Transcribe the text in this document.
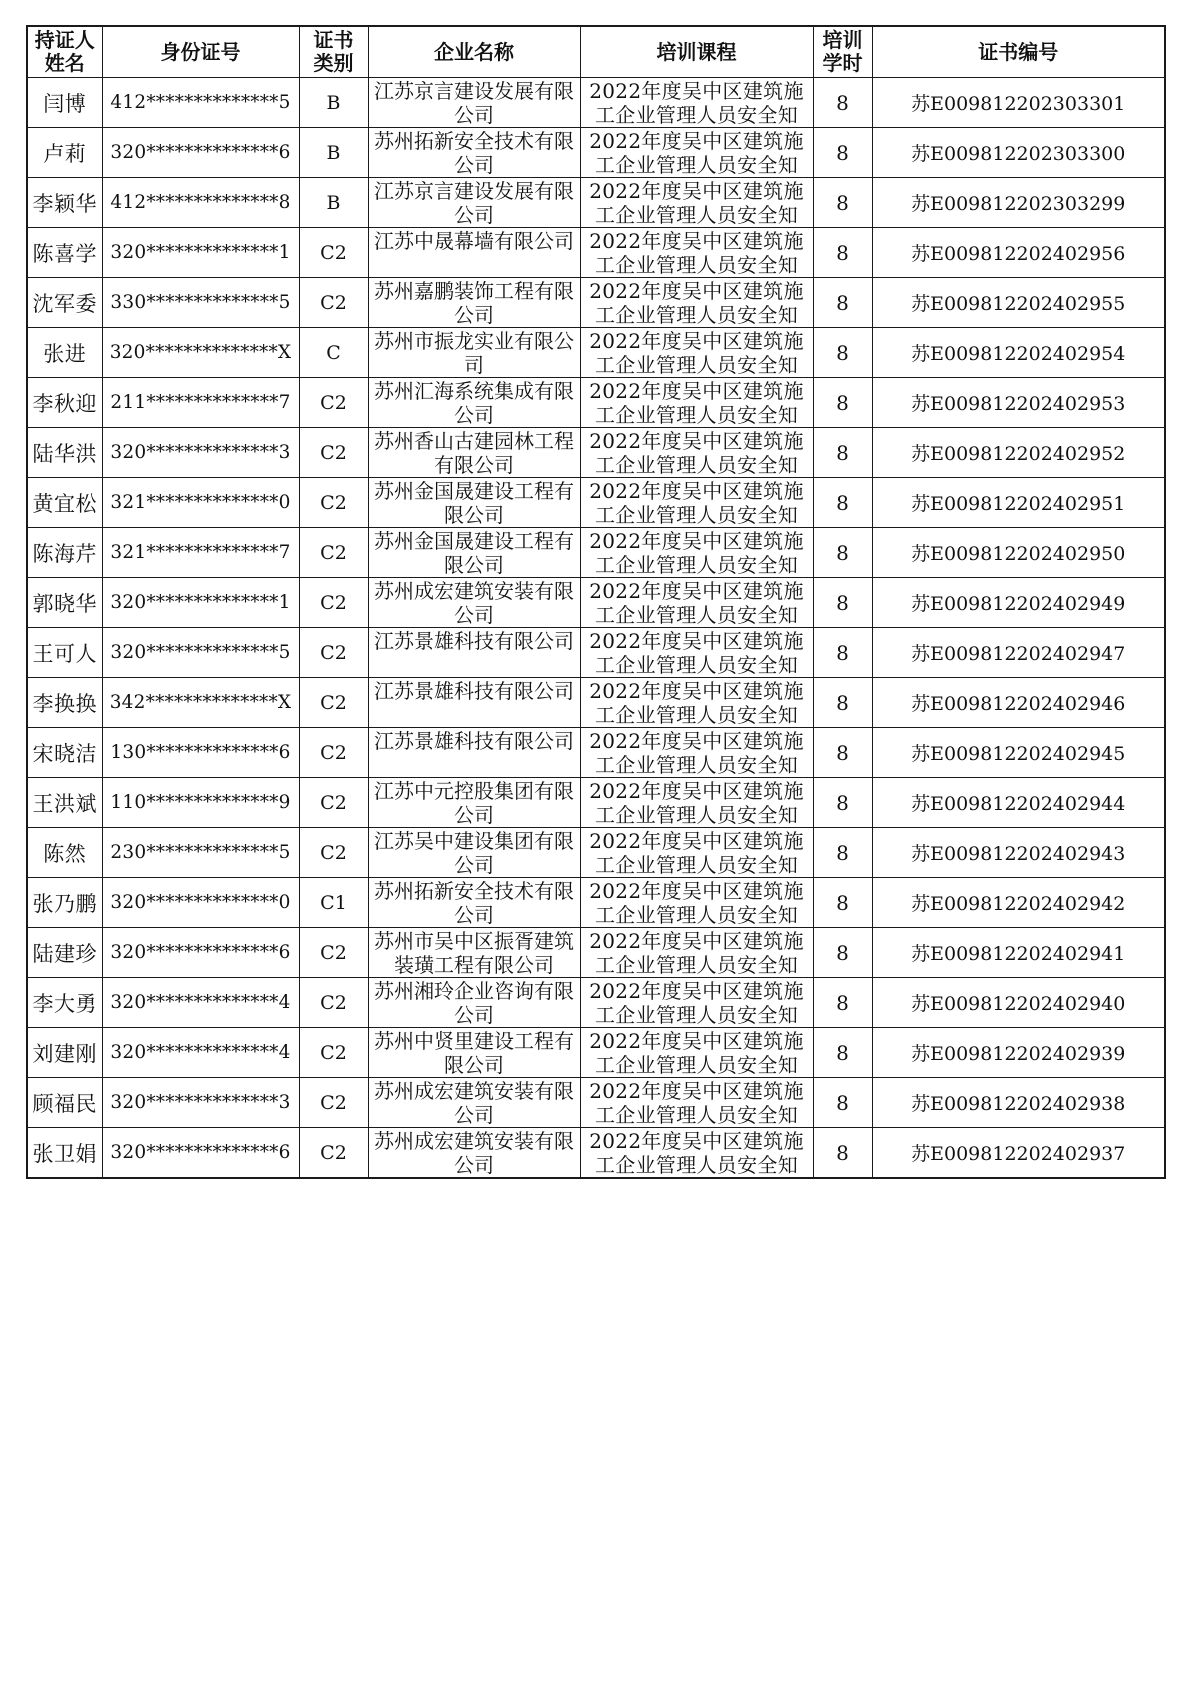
持证人姓名	身份证号	证书类别	企业名称	培训课程	培训学时	证书编号
闫博	412**************5	B	江苏京言建设发展有限公司	2022年度吴中区建筑施工企业管理人员安全知	8	苏E009812202303301
卢莉	320**************6	B	苏州拓新安全技术有限公司	2022年度吴中区建筑施工企业管理人员安全知	8	苏E009812202303300
李颖华	412**************8	B	江苏京言建设发展有限公司	2022年度吴中区建筑施工企业管理人员安全知	8	苏E009812202303299
陈喜学	320**************1	C2	江苏中晟幕墙有限公司	2022年度吴中区建筑施工企业管理人员安全知	8	苏E009812202402956
沈军委	330**************5	C2	苏州嘉鹏装饰工程有限公司	2022年度吴中区建筑施工企业管理人员安全知	8	苏E009812202402955
张进	320**************X	C	苏州市振龙实业有限公司	2022年度吴中区建筑施工企业管理人员安全知	8	苏E009812202402954
李秋迎	211**************7	C2	苏州汇海系统集成有限公司	2022年度吴中区建筑施工企业管理人员安全知	8	苏E009812202402953
陆华洪	320**************3	C2	苏州香山古建园林工程有限公司	2022年度吴中区建筑施工企业管理人员安全知	8	苏E009812202402952
黄宜松	321**************0	C2	苏州金国晟建设工程有限公司	2022年度吴中区建筑施工企业管理人员安全知	8	苏E009812202402951
陈海芹	321**************7	C2	苏州金国晟建设工程有限公司	2022年度吴中区建筑施工企业管理人员安全知	8	苏E009812202402950
郭晓华	320**************1	C2	苏州成宏建筑安装有限公司	2022年度吴中区建筑施工企业管理人员安全知	8	苏E009812202402949
王可人	320**************5	C2	江苏景雄科技有限公司	2022年度吴中区建筑施工企业管理人员安全知	8	苏E009812202402947
李换换	342**************X	C2	江苏景雄科技有限公司	2022年度吴中区建筑施工企业管理人员安全知	8	苏E009812202402946
宋晓洁	130**************6	C2	江苏景雄科技有限公司	2022年度吴中区建筑施工企业管理人员安全知	8	苏E009812202402945
王洪斌	110**************9	C2	江苏中元控股集团有限公司	2022年度吴中区建筑施工企业管理人员安全知	8	苏E009812202402944
陈然	230**************5	C2	江苏吴中建设集团有限公司	2022年度吴中区建筑施工企业管理人员安全知	8	苏E009812202402943
张乃鹏	320**************0	C1	苏州拓新安全技术有限公司	2022年度吴中区建筑施工企业管理人员安全知	8	苏E009812202402942
陆建珍	320**************6	C2	苏州市吴中区振胥建筑装璜工程有限公司	2022年度吴中区建筑施工企业管理人员安全知	8	苏E009812202402941
李大勇	320**************4	C2	苏州湘玲企业咨询有限公司	2022年度吴中区建筑施工企业管理人员安全知	8	苏E009812202402940
刘建刚	320**************4	C2	苏州中贤里建设工程有限公司	2022年度吴中区建筑施工企业管理人员安全知	8	苏E009812202402939
顾福民	320**************3	C2	苏州成宏建筑安装有限公司	2022年度吴中区建筑施工企业管理人员安全知	8	苏E009812202402938
张卫娟	320**************6	C2	苏州成宏建筑安装有限公司	2022年度吴中区建筑施工企业管理人员安全知	8	苏E009812202402937
